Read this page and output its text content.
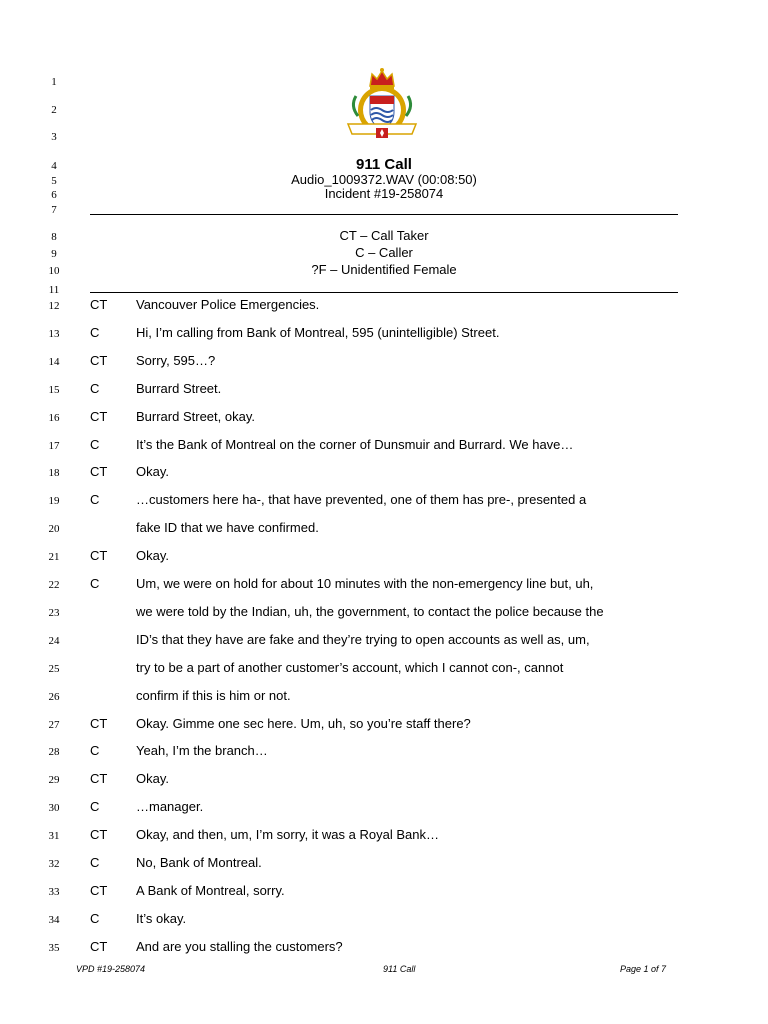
1
2
3
4
5
6
7
8
9
10
11
911 Call
Audio_1009372.WAV (00:08:50)
Incident #19-258074
CT – Call Taker
C – Caller
?F – Unidentified Female
12	CT Vancouver Police Emergencies.
13	C	Hi, I’m calling from Bank of Montreal, 595 (unintelligible) Street.
14	CT Sorry, 595…?
15	C	Burrard Street.
16	CT Burrard Street, okay.
17	C	It’s the Bank of Montreal on the corner of Dunsmuir and Burrard. We have…
18	CT Okay.
19	C	…customers here ha-, that have prevented, one of them has pre-, presented a
20	fake ID that we have confirmed.
21	CT Okay.
22	C	Um, we were on hold for about 10 minutes with the non-emergency line but, uh,
23	we were told by the Indian, uh, the government, to contact the police because the
24	ID’s that they have are fake and they’re trying to open accounts as well as, um,
25	try to be a part of another customer’s account, which I cannot con-, cannot
26	confirm if this is him or not.
27	CT Okay. Gimme one sec here. Um, uh, so you’re staff there?
28	C	Yeah, I’m the branch…
29	CT Okay.
30	C	…manager.
31	CT Okay, and then, um, I’m sorry, it was a Royal Bank…
32	C	No, Bank of Montreal.
33	CT A Bank of Montreal, sorry.
34	C	It’s okay.
35	CT And are you stalling the customers?
VPD #19-258074	911 Call	Page 1 of 7
